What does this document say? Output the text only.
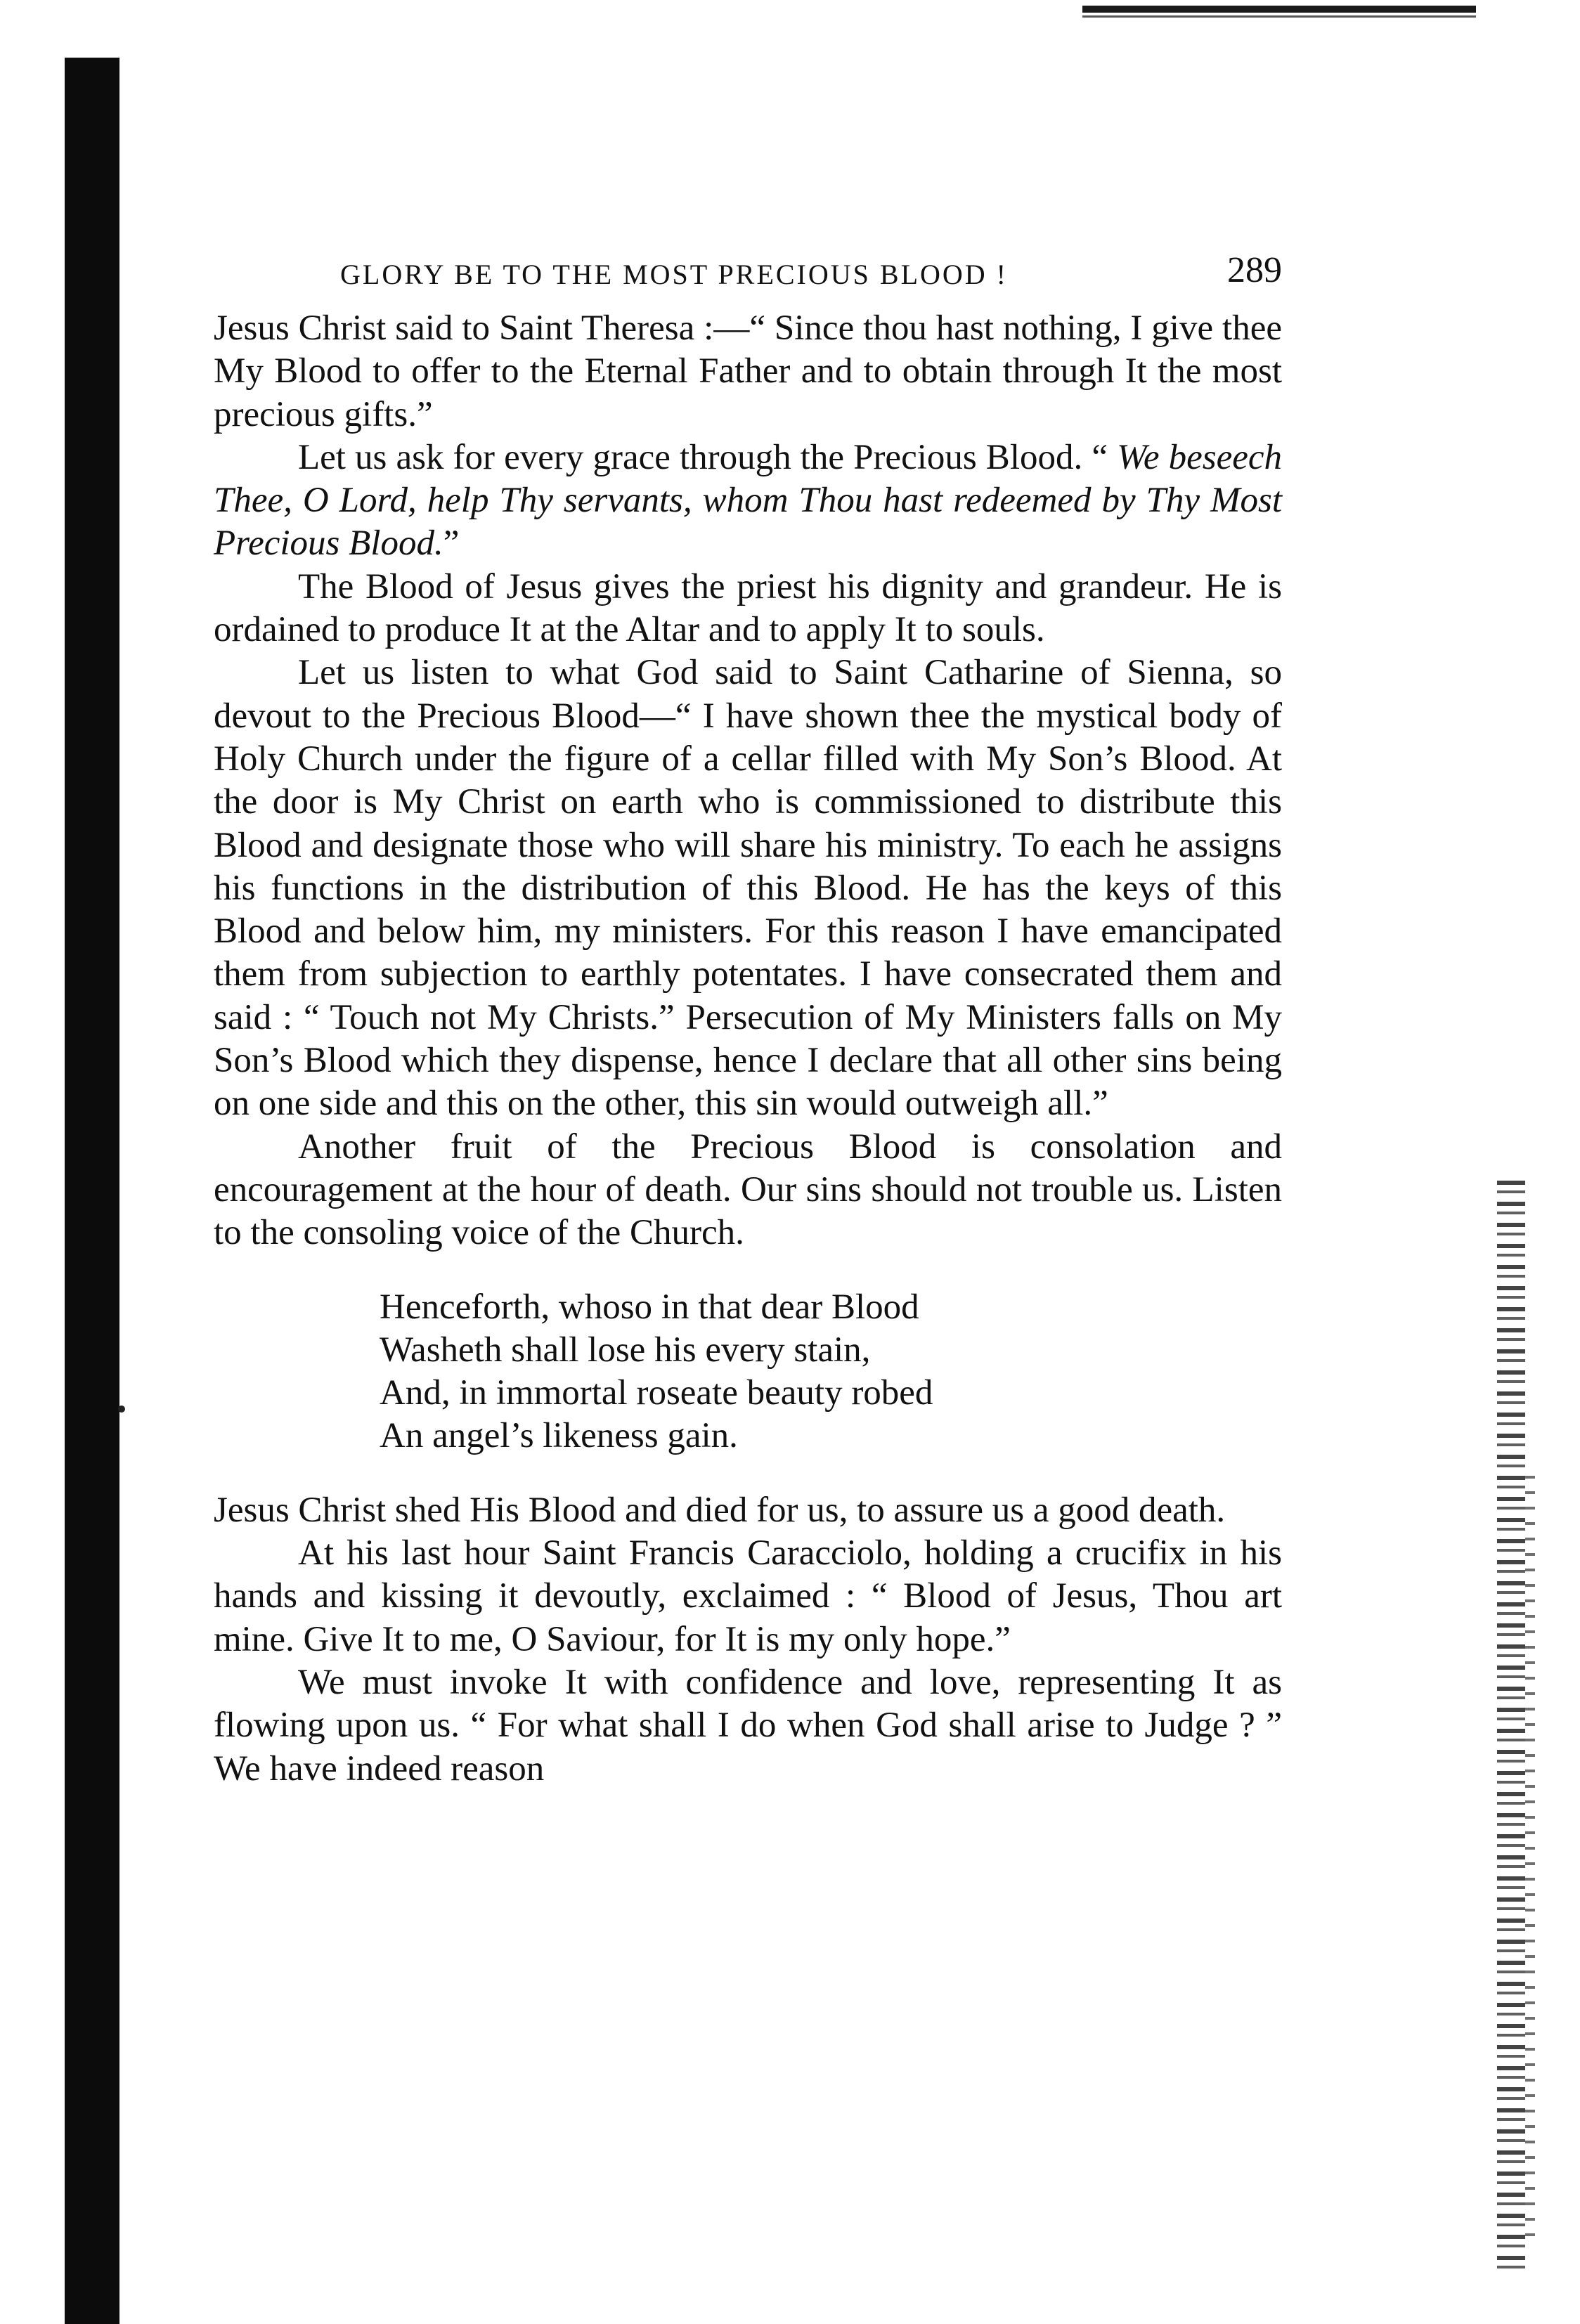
GLORY BE TO THE MOST PRECIOUS BLOOD !	289

Jesus Christ said to Saint Theresa :—“ Since thou hast nothing, I give thee My Blood to offer to the Eternal Father and to obtain through It the most precious gifts.”

Let us ask for every grace through the Precious Blood. “ We beseech Thee, O Lord, help Thy servants, whom Thou hast redeemed by Thy Most Precious Blood.”

The Blood of Jesus gives the priest his dignity and grandeur. He is ordained to produce It at the Altar and to apply It to souls.

Let us listen to what God said to Saint Catharine of Sienna, so devout to the Precious Blood—“ I have shown thee the mystical body of Holy Church under the figure of a cellar filled with My Son’s Blood. At the door is My Christ on earth who is commissioned to distribute this Blood and designate those who will share his ministry. To each he assigns his functions in the distribution of this Blood. He has the keys of this Blood and below him, my ministers. For this reason I have emancipated them from subjection to earthly potentates. I have consecrated them and said : “ Touch not My Christs.” Persecution of My Ministers falls on My Son’s Blood which they dispense, hence I declare that all other sins being on one side and this on the other, this sin would outweigh all.”

Another fruit of the Precious Blood is consolation and encouragement at the hour of death. Our sins should not trouble us. Listen to the consoling voice of the Church.

Henceforth, whoso in that dear Blood
Washeth shall lose his every stain,
And, in immortal roseate beauty robed
An angel’s likeness gain.

Jesus Christ shed His Blood and died for us, to assure us a good death.

At his last hour Saint Francis Caracciolo, holding a crucifix in his hands and kissing it devoutly, exclaimed : “ Blood of Jesus, Thou art mine. Give It to me, O Saviour, for It is my only hope.”

We must invoke It with confidence and love, representing It as flowing upon us. “ For what shall I do when God shall arise to Judge ? ” We have indeed reason
